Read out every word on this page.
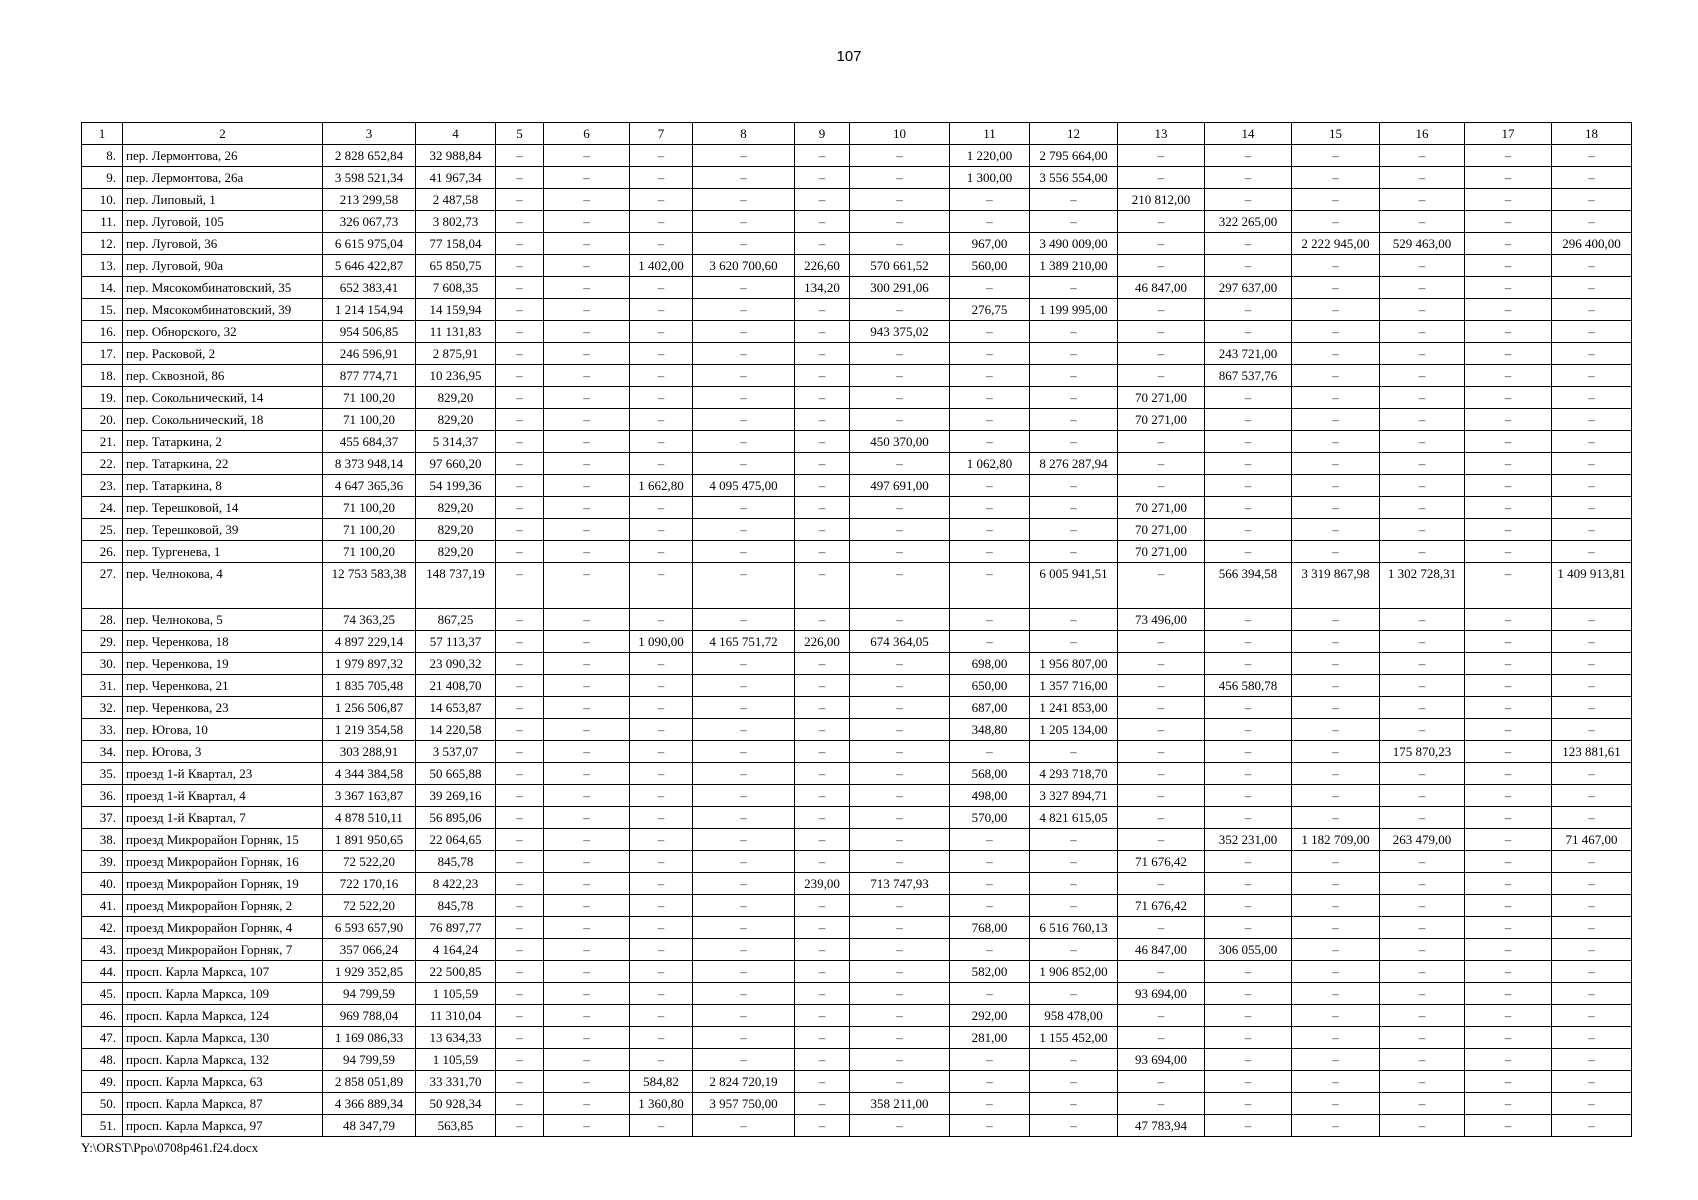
107
1	2	3	4	5	6	7	8	9	10	11	12	13	14	15	16	17	18
8.	пер. Лермонтова, 26	2 828 652,84	32 988,84	–	–	–	–	–	–	1 220,00	2 795 664,00	–	–	–	–	–	–
9.	пер. Лермонтова, 26а	3 598 521,34	41 967,34	–	–	–	–	–	–	1 300,00	3 556 554,00	–	–	–	–	–	–
10.	пер. Липовый, 1	213 299,58	2 487,58	–	–	–	–	–	–	–	–	210 812,00	–	–	–	–	–
11.	пер. Луговой, 105	326 067,73	3 802,73	–	–	–	–	–	–	–	–	–	322 265,00	–	–	–	–
12.	пер. Луговой, 36	6 615 975,04	77 158,04	–	–	–	–	–	–	967,00	3 490 009,00	–	–	2 222 945,00	529 463,00	–	296 400,00
13.	пер. Луговой, 90а	5 646 422,87	65 850,75	–	–	1 402,00	3 620 700,60	226,60	570 661,52	560,00	1 389 210,00	–	–	–	–	–	–
14.	пер. Мясокомбинатовский, 35	652 383,41	7 608,35	–	–	–	–	134,20	300 291,06	–	–	46 847,00	297 637,00	–	–	–	–
15.	пер. Мясокомбинатовский, 39	1 214 154,94	14 159,94	–	–	–	–	–	–	276,75	1 199 995,00	–	–	–	–	–	–
16.	пер. Обнорского, 32	954 506,85	11 131,83	–	–	–	–	–	943 375,02	–	–	–	–	–	–	–	–
17.	пер. Расковой, 2	246 596,91	2 875,91	–	–	–	–	–	–	–	–	–	243 721,00	–	–	–	–
18.	пер. Сквозной, 86	877 774,71	10 236,95	–	–	–	–	–	–	–	–	–	867 537,76	–	–	–	–
19.	пер. Сокольнический, 14	71 100,20	829,20	–	–	–	–	–	–	–	–	70 271,00	–	–	–	–	–
20.	пер. Сокольнический, 18	71 100,20	829,20	–	–	–	–	–	–	–	–	70 271,00	–	–	–	–	–
21.	пер. Татаркина, 2	455 684,37	5 314,37	–	–	–	–	–	450 370,00	–	–	–	–	–	–	–	–
22.	пер. Татаркина, 22	8 373 948,14	97 660,20	–	–	–	–	–	–	1 062,80	8 276 287,94	–	–	–	–	–	–
23.	пер. Татаркина, 8	4 647 365,36	54 199,36	–	–	1 662,80	4 095 475,00	–	497 691,00	–	–	–	–	–	–	–	–
24.	пер. Терешковой, 14	71 100,20	829,20	–	–	–	–	–	–	–	–	70 271,00	–	–	–	–	–
25.	пер. Терешковой, 39	71 100,20	829,20	–	–	–	–	–	–	–	–	70 271,00	–	–	–	–	–
26.	пер. Тургенева, 1	71 100,20	829,20	–	–	–	–	–	–	–	–	70 271,00	–	–	–	–	–
27.	пер. Челнокова, 4	12 753 583,38	148 737,19	–	–	–	–	–	–	–	6 005 941,51	–	566 394,58	3 319 867,98	1 302 728,31	–	1 409 913,81
28.	пер. Челнокова, 5	74 363,25	867,25	–	–	–	–	–	–	–	–	73 496,00	–	–	–	–	–
29.	пер. Черенкова, 18	4 897 229,14	57 113,37	–	–	1 090,00	4 165 751,72	226,00	674 364,05	–	–	–	–	–	–	–	–
30.	пер. Черенкова, 19	1 979 897,32	23 090,32	–	–	–	–	–	–	698,00	1 956 807,00	–	–	–	–	–	–
31.	пер. Черенкова, 21	1 835 705,48	21 408,70	–	–	–	–	–	–	650,00	1 357 716,00	–	456 580,78	–	–	–	–
32.	пер. Черенкова, 23	1 256 506,87	14 653,87	–	–	–	–	–	–	687,00	1 241 853,00	–	–	–	–	–	–
33.	пер. Югова, 10	1 219 354,58	14 220,58	–	–	–	–	–	–	348,80	1 205 134,00	–	–	–	–	–	–
34.	пер. Югова, 3	303 288,91	3 537,07	–	–	–	–	–	–	–	–	–	–	–	175 870,23	–	123 881,61
35.	проезд 1-й Квартал, 23	4 344 384,58	50 665,88	–	–	–	–	–	–	568,00	4 293 718,70	–	–	–	–	–	–
36.	проезд 1-й Квартал, 4	3 367 163,87	39 269,16	–	–	–	–	–	–	498,00	3 327 894,71	–	–	–	–	–	–
37.	проезд 1-й Квартал, 7	4 878 510,11	56 895,06	–	–	–	–	–	–	570,00	4 821 615,05	–	–	–	–	–	–
38.	проезд Микрорайон Горняк, 15	1 891 950,65	22 064,65	–	–	–	–	–	–	–	–	–	352 231,00	1 182 709,00	263 479,00	–	71 467,00
39.	проезд Микрорайон Горняк, 16	72 522,20	845,78	–	–	–	–	–	–	–	–	71 676,42	–	–	–	–	–
40.	проезд Микрорайон Горняк, 19	722 170,16	8 422,23	–	–	–	–	239,00	713 747,93	–	–	–	–	–	–	–	–
41.	проезд Микрорайон Горняк, 2	72 522,20	845,78	–	–	–	–	–	–	–	–	71 676,42	–	–	–	–	–
42.	проезд Микрорайон Горняк, 4	6 593 657,90	76 897,77	–	–	–	–	–	–	768,00	6 516 760,13	–	–	–	–	–	–
43.	проезд Микрорайон Горняк, 7	357 066,24	4 164,24	–	–	–	–	–	–	–	–	46 847,00	306 055,00	–	–	–	–
44.	просп. Карла Маркса, 107	1 929 352,85	22 500,85	–	–	–	–	–	–	582,00	1 906 852,00	–	–	–	–	–	–
45.	просп. Карла Маркса, 109	94 799,59	1 105,59	–	–	–	–	–	–	–	–	93 694,00	–	–	–	–	–
46.	просп. Карла Маркса, 124	969 788,04	11 310,04	–	–	–	–	–	–	292,00	958 478,00	–	–	–	–	–	–
47.	просп. Карла Маркса, 130	1 169 086,33	13 634,33	–	–	–	–	–	–	281,00	1 155 452,00	–	–	–	–	–	–
48.	просп. Карла Маркса, 132	94 799,59	1 105,59	–	–	–	–	–	–	–	–	93 694,00	–	–	–	–	–
49.	просп. Карла Маркса, 63	2 858 051,89	33 331,70	–	–	584,82	2 824 720,19	–	–	–	–	–	–	–	–	–	–
50.	просп. Карла Маркса, 87	4 366 889,34	50 928,34	–	–	1 360,80	3 957 750,00	–	358 211,00	–	–	–	–	–	–	–	–
51.	просп. Карла Маркса, 97	48 347,79	563,85	–	–	–	–	–	–	–	–	47 783,94	–	–	–	–	–
Y:\ORST\Ppo\0708p461.f24.docx
